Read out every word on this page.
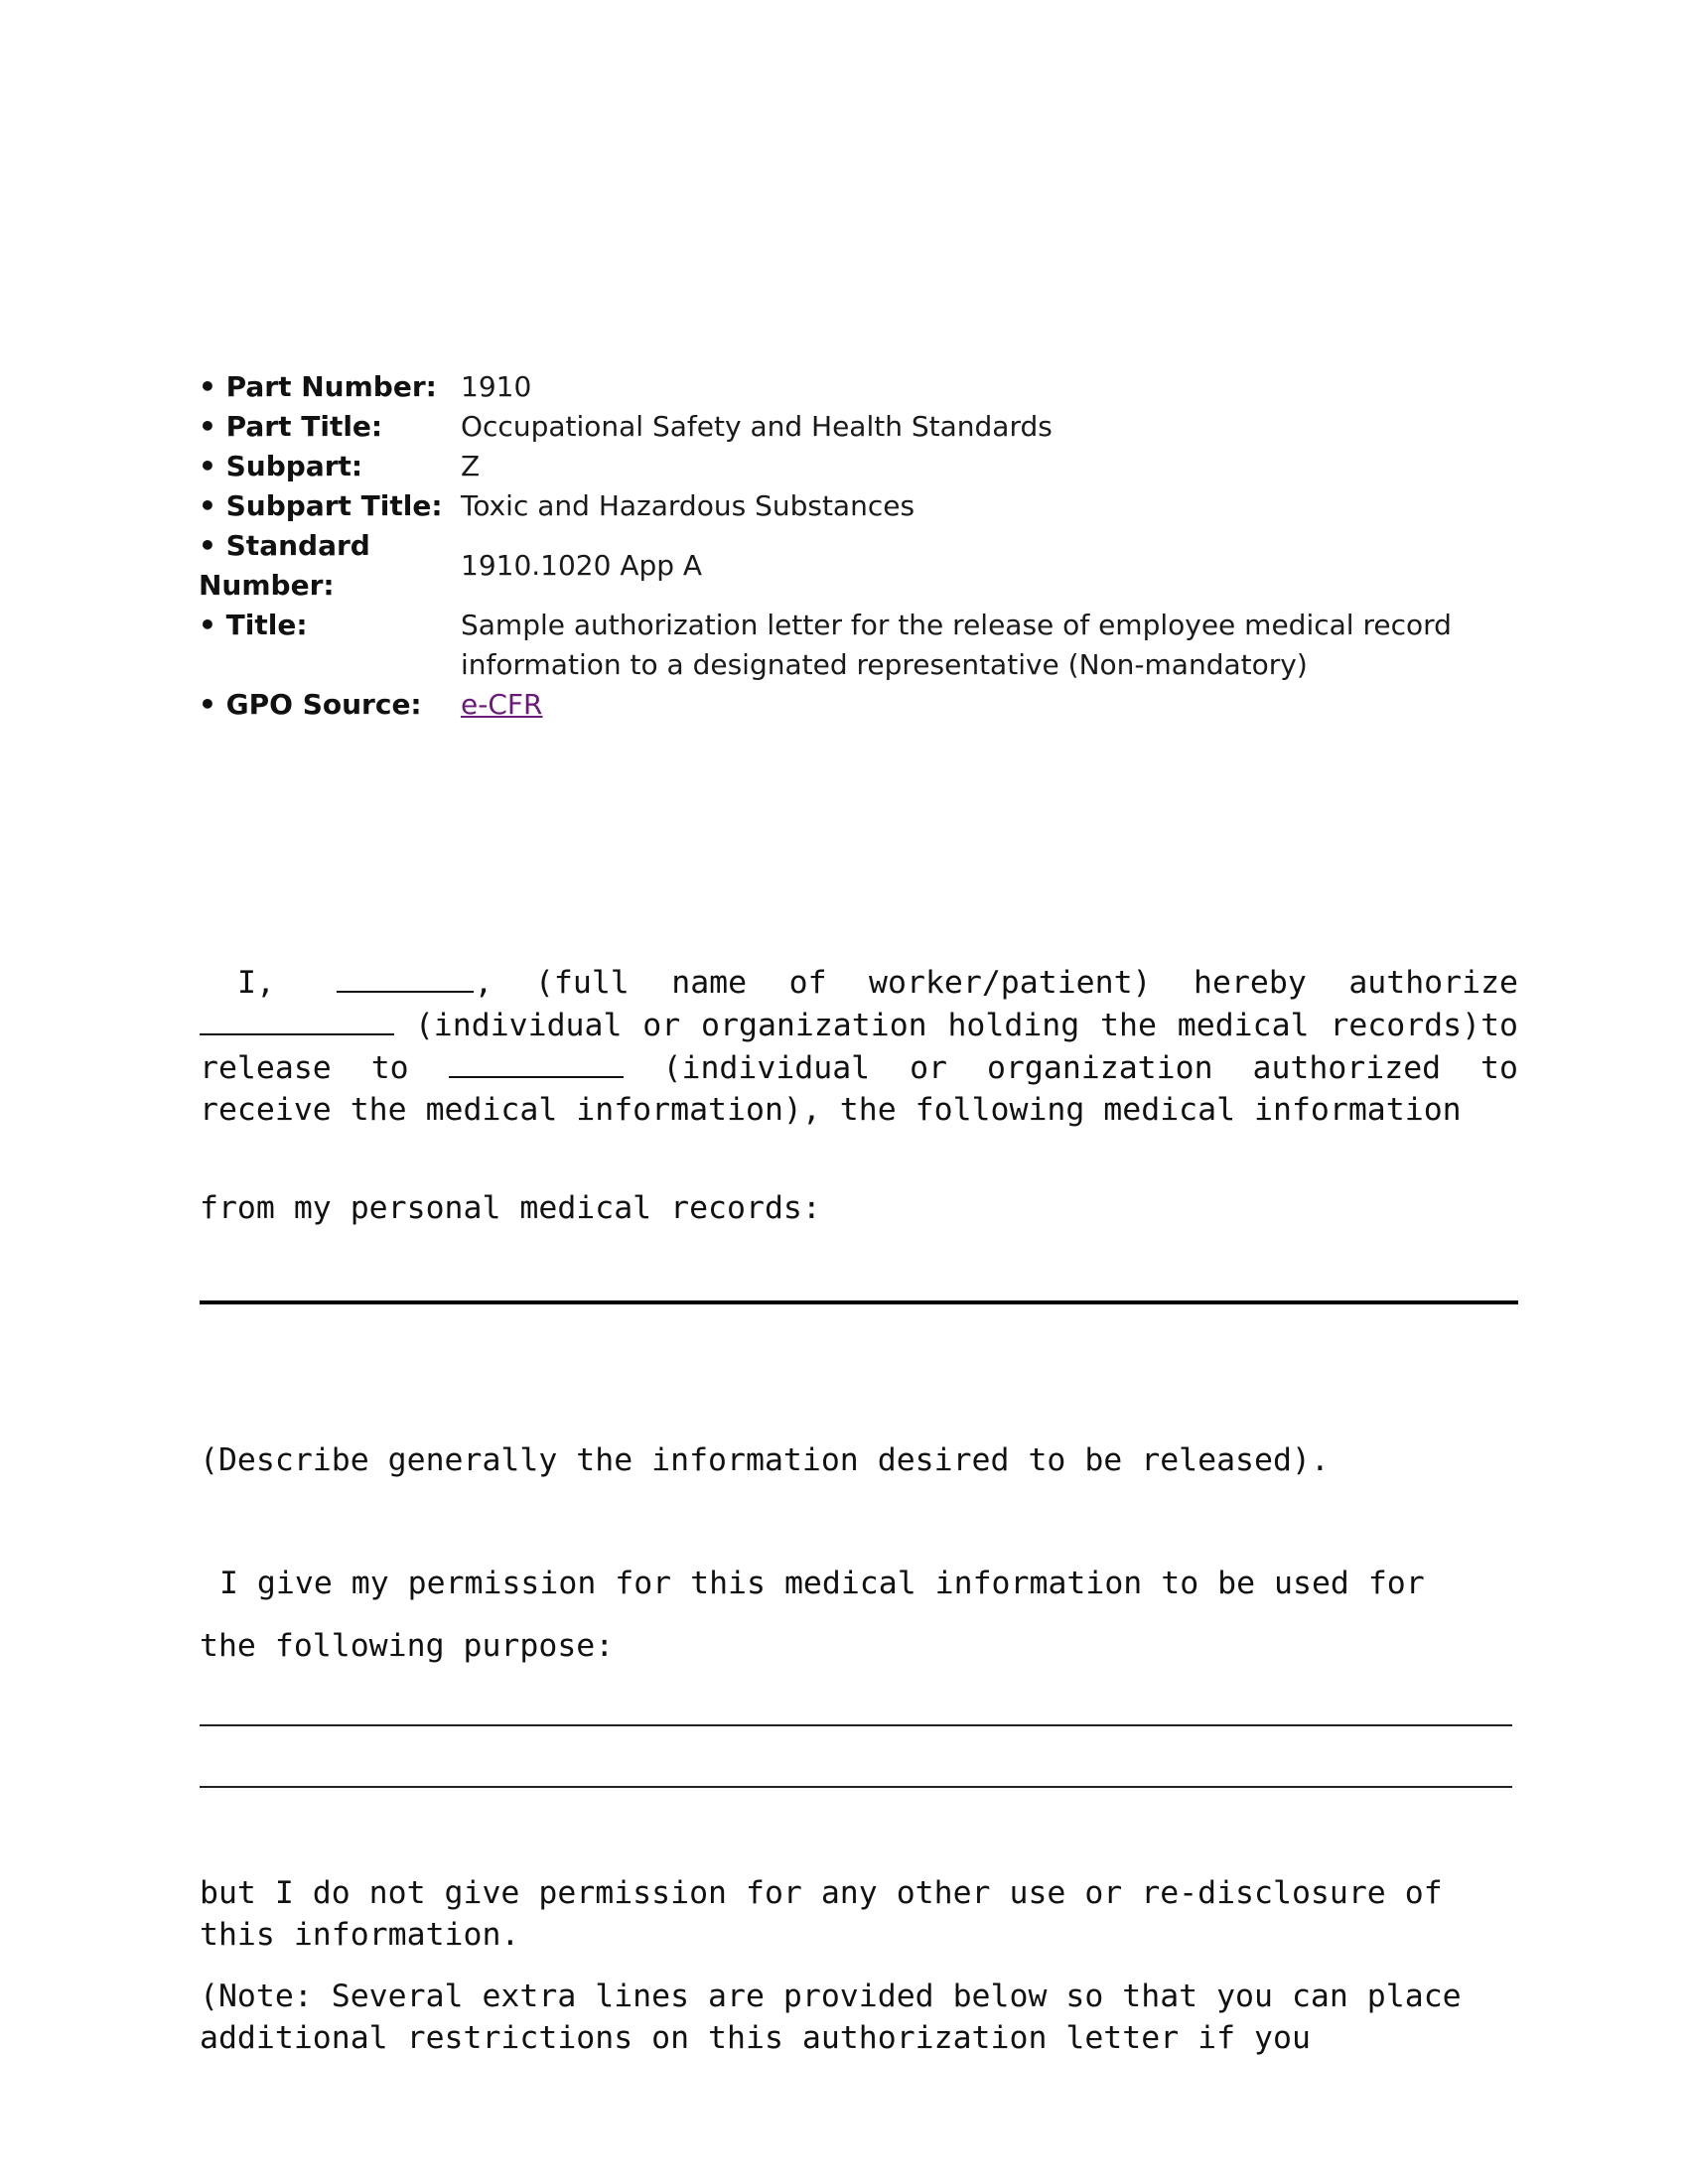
• Part Number: 1910
• Part Title:	Occupational Safety and Health Standards
• Subpart:	Z
• Subpart Title: Toxic and Hazardous Substances
• Standard Number:
1910.1020 App A
• Title:	Sample authorization letter for the release of employee medical record information to a designated representative (Non-mandatory)
• GPO Source:	e-CFR

I,	, (full name of worker/patient) hereby authorize  (individual or organization holding the medical records)to release to	(individual or organization authorized to receive the medical information), the following medical information

from my personal medical records:

(Describe generally the information desired to be released).

I give my permission for this medical information to be used for

the following purpose:

but I do not give permission for any other use or re-disclosure of this information.

(Note: Several extra lines are provided below so that you can place additional restrictions on this authorization letter if you
